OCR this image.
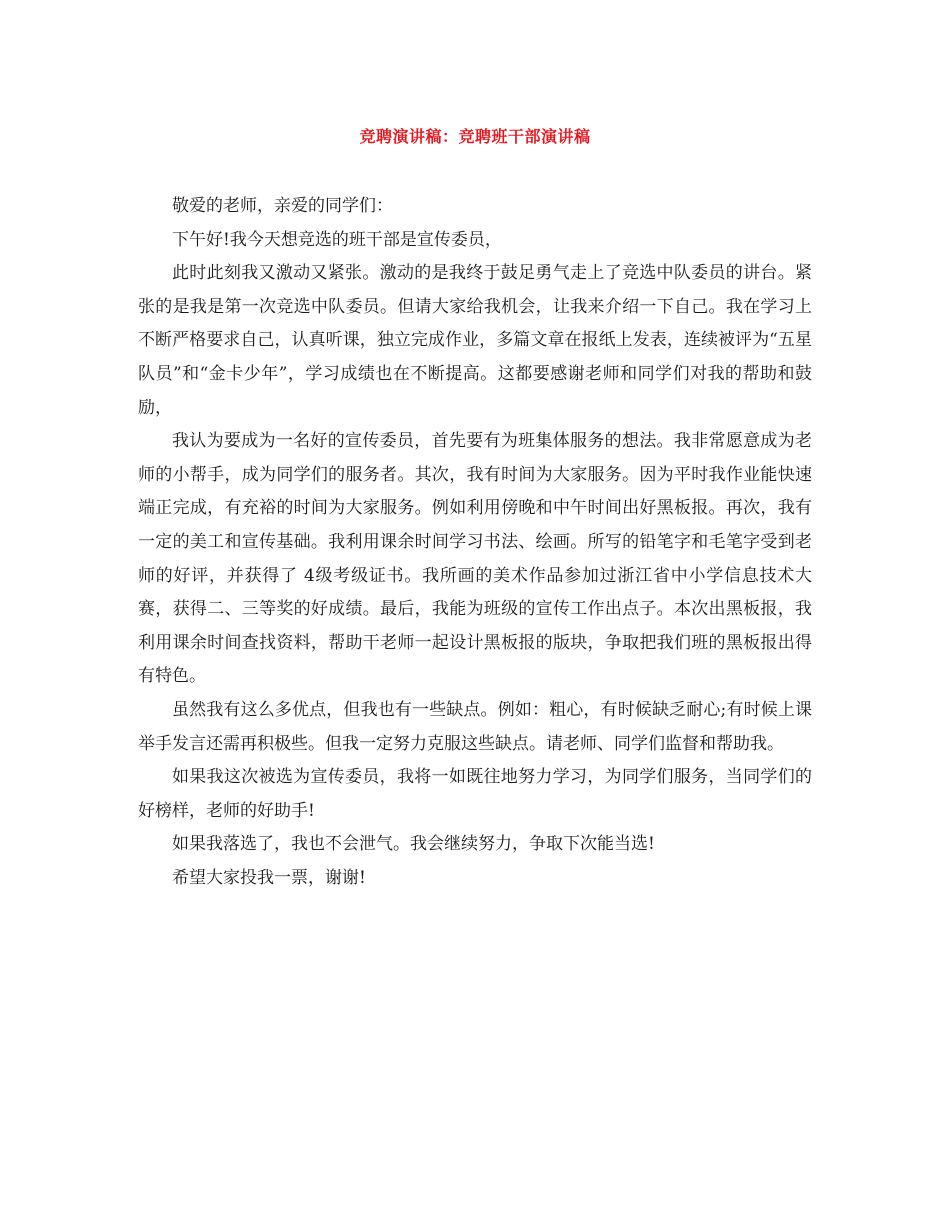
竞聘演讲稿：竞聘班干部演讲稿

敬爱的老师，亲爱的同学们：

下午好!我今天想竞选的班干部是宣传委员，

此时此刻我又激动又紧张。激动的是我终于鼓足勇气走上了竞选中队委员的讲台。紧张的是我是第一次竞选中队委员。但请大家给我机会，让我来介绍一下自己。我在学习上不断严格要求自己，认真听课，独立完成作业，多篇文章在报纸上发表，连续被评为“五星队员”和“金卡少年”，学习成绩也在不断提高。这都要感谢老师和同学们对我的帮助和鼓励，

我认为要成为一名好的宣传委员，首先要有为班集体服务的想法。我非常愿意成为老师的小帮手，成为同学们的服务者。其次，我有时间为大家服务。因为平时我作业能快速端正完成，有充裕的时间为大家服务。例如利用傍晚和中午时间出好黑板报。再次，我有一定的美工和宣传基础。我利用课余时间学习书法、绘画。所写的铅笔字和毛笔字受到老师的好评，并获得了 4级考级证书。我所画的美术作品参加过浙江省中小学信息技术大赛，获得二、三等奖的好成绩。最后，我能为班级的宣传工作出点子。本次出黑板报，我利用课余时间查找资料，帮助干老师一起设计黑板报的版块，争取把我们班的黑板报出得有特色。

虽然我有这么多优点，但我也有一些缺点。例如：粗心，有时候缺乏耐心;有时候上课举手发言还需再积极些。但我一定努力克服这些缺点。请老师、同学们监督和帮助我。

如果我这次被选为宣传委员，我将一如既往地努力学习，为同学们服务，当同学们的好榜样，老师的好助手!

如果我落选了，我也不会泄气。我会继续努力，争取下次能当选!

希望大家投我一票，谢谢!
